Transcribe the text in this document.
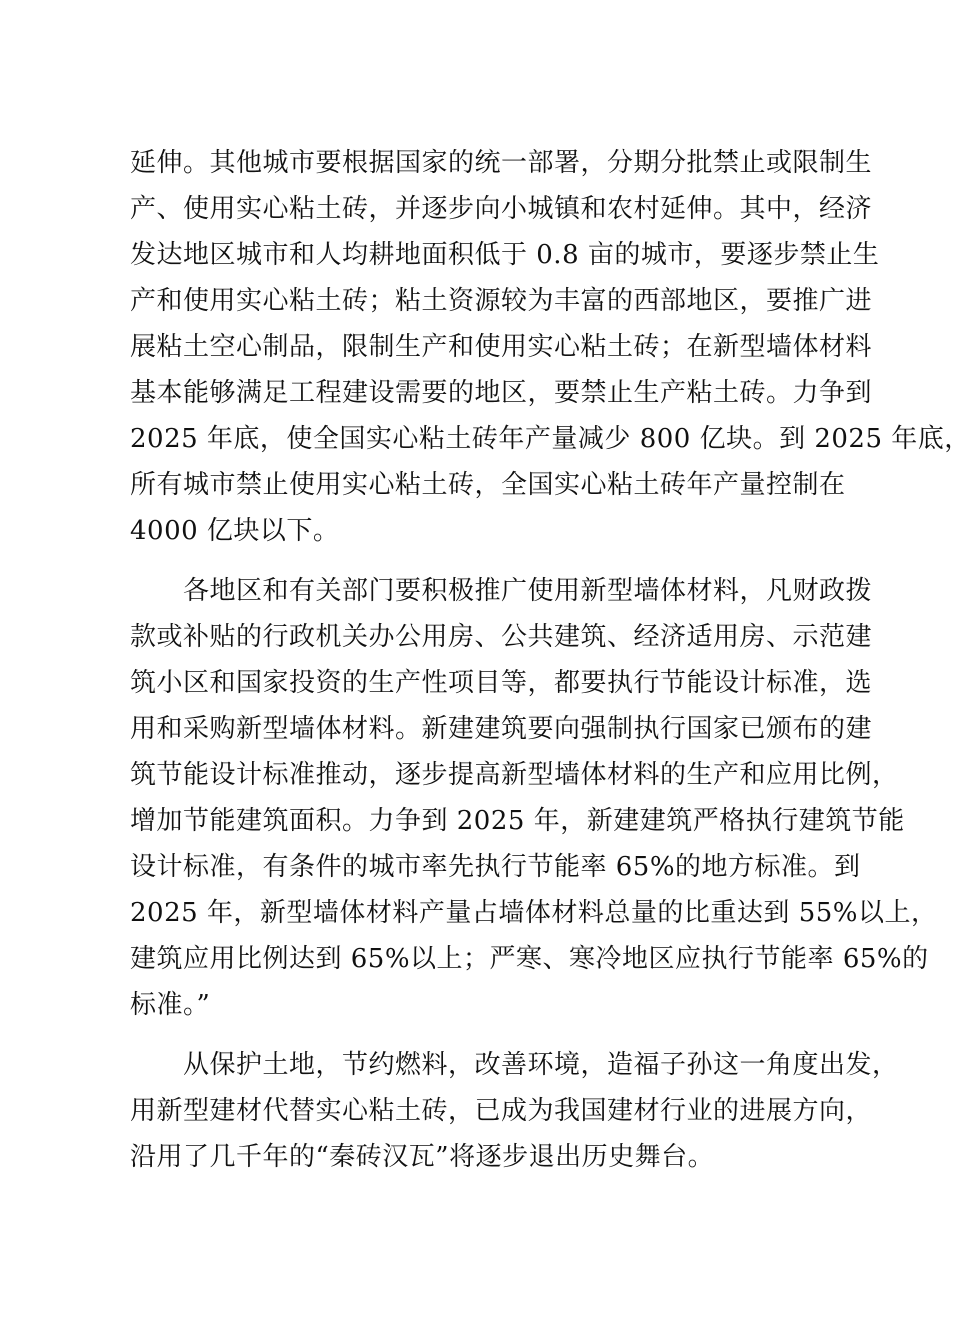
延伸。其他城市要根据国家的统一部署，分期分批禁止或限制生
产、使用实心粘土砖，并逐步向小城镇和农村延伸。其中，经济
发达地区城市和人均耕地面积低于 0.8 亩的城市，要逐步禁止生
产和使用实心粘土砖；粘土资源较为丰富的西部地区，要推广进
展粘土空心制品，限制生产和使用实心粘土砖；在新型墙体材料
基本能够满足工程建设需要的地区，要禁止生产粘土砖。力争到
2025 年底，使全国实心粘土砖年产量减少 800 亿块。到 2025 年底，
所有城市禁止使用实心粘土砖，全国实心粘土砖年产量控制在
4000 亿块以下。
　　各地区和有关部门要积极推广使用新型墙体材料，凡财政拨
款或补贴的行政机关办公用房、公共建筑、经济适用房、示范建
筑小区和国家投资的生产性项目等，都要执行节能设计标准，选
用和采购新型墙体材料。新建建筑要向强制执行国家已颁布的建
筑节能设计标准推动，逐步提高新型墙体材料的生产和应用比例，
增加节能建筑面积。力争到 2025 年，新建建筑严格执行建筑节能
设计标准，有条件的城市率先执行节能率 65%的地方标准。到
2025 年，新型墙体材料产量占墙体材料总量的比重达到 55%以上，
建筑应用比例达到 65%以上；严寒、寒冷地区应执行节能率 65%的
标准。”
　　从保护土地，节约燃料，改善环境，造福子孙这一角度出发，
用新型建材代替实心粘土砖，已成为我国建材行业的进展方向，
沿用了几千年的“秦砖汉瓦”将逐步退出历史舞台。
